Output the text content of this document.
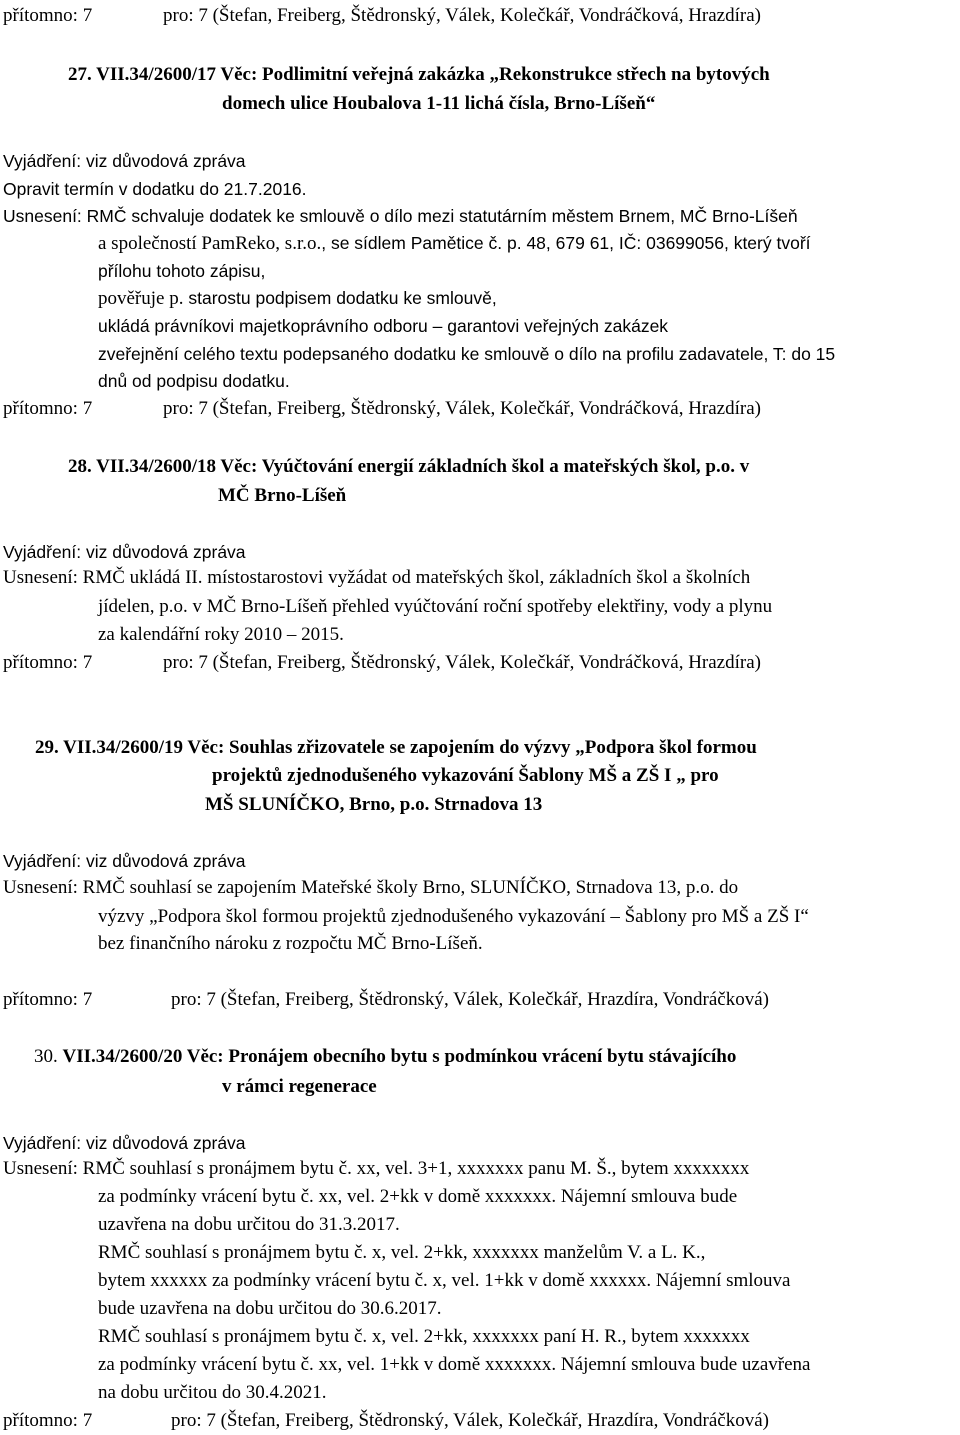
přítomno: 7	pro: 7 (Štefan, Freiberg, Štědronský, Válek, Kolečkář, Vondráčková, Hrazdíra)
27. VII.34/2600/17 Věc: Podlimitní veřejná zakázka „Rekonstrukce střech na bytových
domech ulice Houbalova 1-11 lichá čísla, Brno-Líšeň“
Vyjádření: viz důvodová zpráva
Opravit termín v dodatku do 21.7.2016.
Usnesení: RMČ schvaluje dodatek ke smlouvě o dílo mezi statutárním městem Brnem, MČ Brno-Líšeň
a společností PamReko, s.r.o., se sídlem Pamětice č. p. 48, 679 61, IČ: 03699056, který tvoří
přílohu tohoto zápisu,
pověřuje p. starostu podpisem dodatku ke smlouvě,
ukládá právníkovi majetkoprávního odboru – garantovi veřejných zakázek
zveřejnění celého textu podepsaného dodatku ke smlouvě o dílo na profilu zadavatele, T: do 15
dnů od podpisu dodatku.
přítomno: 7	pro: 7 (Štefan, Freiberg, Štědronský, Válek, Kolečkář, Vondráčková, Hrazdíra)
28. VII.34/2600/18 Věc: Vyúčtování energií základních škol a mateřských škol, p.o. v
MČ Brno-Líšeň
Vyjádření: viz důvodová zpráva
Usnesení: RMČ ukládá II. místostarostovi vyžádat od mateřských škol, základních škol a školních
jídelen, p.o. v MČ Brno-Líšeň přehled vyúčtování roční spotřeby elektřiny, vody a plynu
za kalendářní roky 2010 – 2015.
přítomno: 7	pro: 7 (Štefan, Freiberg, Štědronský, Válek, Kolečkář, Vondráčková, Hrazdíra)
29. VII.34/2600/19 Věc: Souhlas zřizovatele se zapojením do výzvy „Podpora škol formou
projektů zjednodušeného vykazování Šablony MŠ a ZŠ I „ pro
MŠ SLUNÍČKO, Brno, p.o. Strnadova 13
Vyjádření: viz důvodová zpráva
Usnesení: RMČ souhlasí se zapojením Mateřské školy Brno, SLUNÍČKO, Strnadova 13, p.o. do
výzvy „Podpora škol formou projektů zjednodušeného vykazování – Šablony pro MŠ a ZŠ I“
bez finančního nároku z rozpočtu MČ Brno-Líšeň.
přítomno: 7	pro: 7 (Štefan, Freiberg, Štědronský, Válek, Kolečkář, Hrazdíra, Vondráčková)
30. VII.34/2600/20 Věc: Pronájem obecního bytu s podmínkou vrácení bytu stávajícího
v rámci regenerace
Vyjádření: viz důvodová zpráva
Usnesení: RMČ souhlasí s pronájmem bytu č. xx, vel. 3+1, xxxxxxx panu M. Š., bytem xxxxxxxx
za podmínky vrácení bytu č. xx, vel. 2+kk v domě xxxxxxx. Nájemní smlouva bude
uzavřena na dobu určitou do 31.3.2017.
RMČ souhlasí s pronájmem bytu č. x, vel. 2+kk, xxxxxxx manželům V. a L. K.,
bytem xxxxxx za podmínky vrácení bytu č. x, vel. 1+kk v domě xxxxxx. Nájemní smlouva
bude uzavřena na dobu určitou do 30.6.2017.
RMČ souhlasí s pronájmem bytu č. x, vel. 2+kk, xxxxxxx paní H. R., bytem xxxxxxx
za podmínky vrácení bytu č. xx, vel. 1+kk v domě xxxxxxx. Nájemní smlouva bude uzavřena
na dobu určitou do 30.4.2021.
přítomno: 7	pro: 7 (Štefan, Freiberg, Štědronský, Válek, Kolečkář, Hrazdíra, Vondráčková)
